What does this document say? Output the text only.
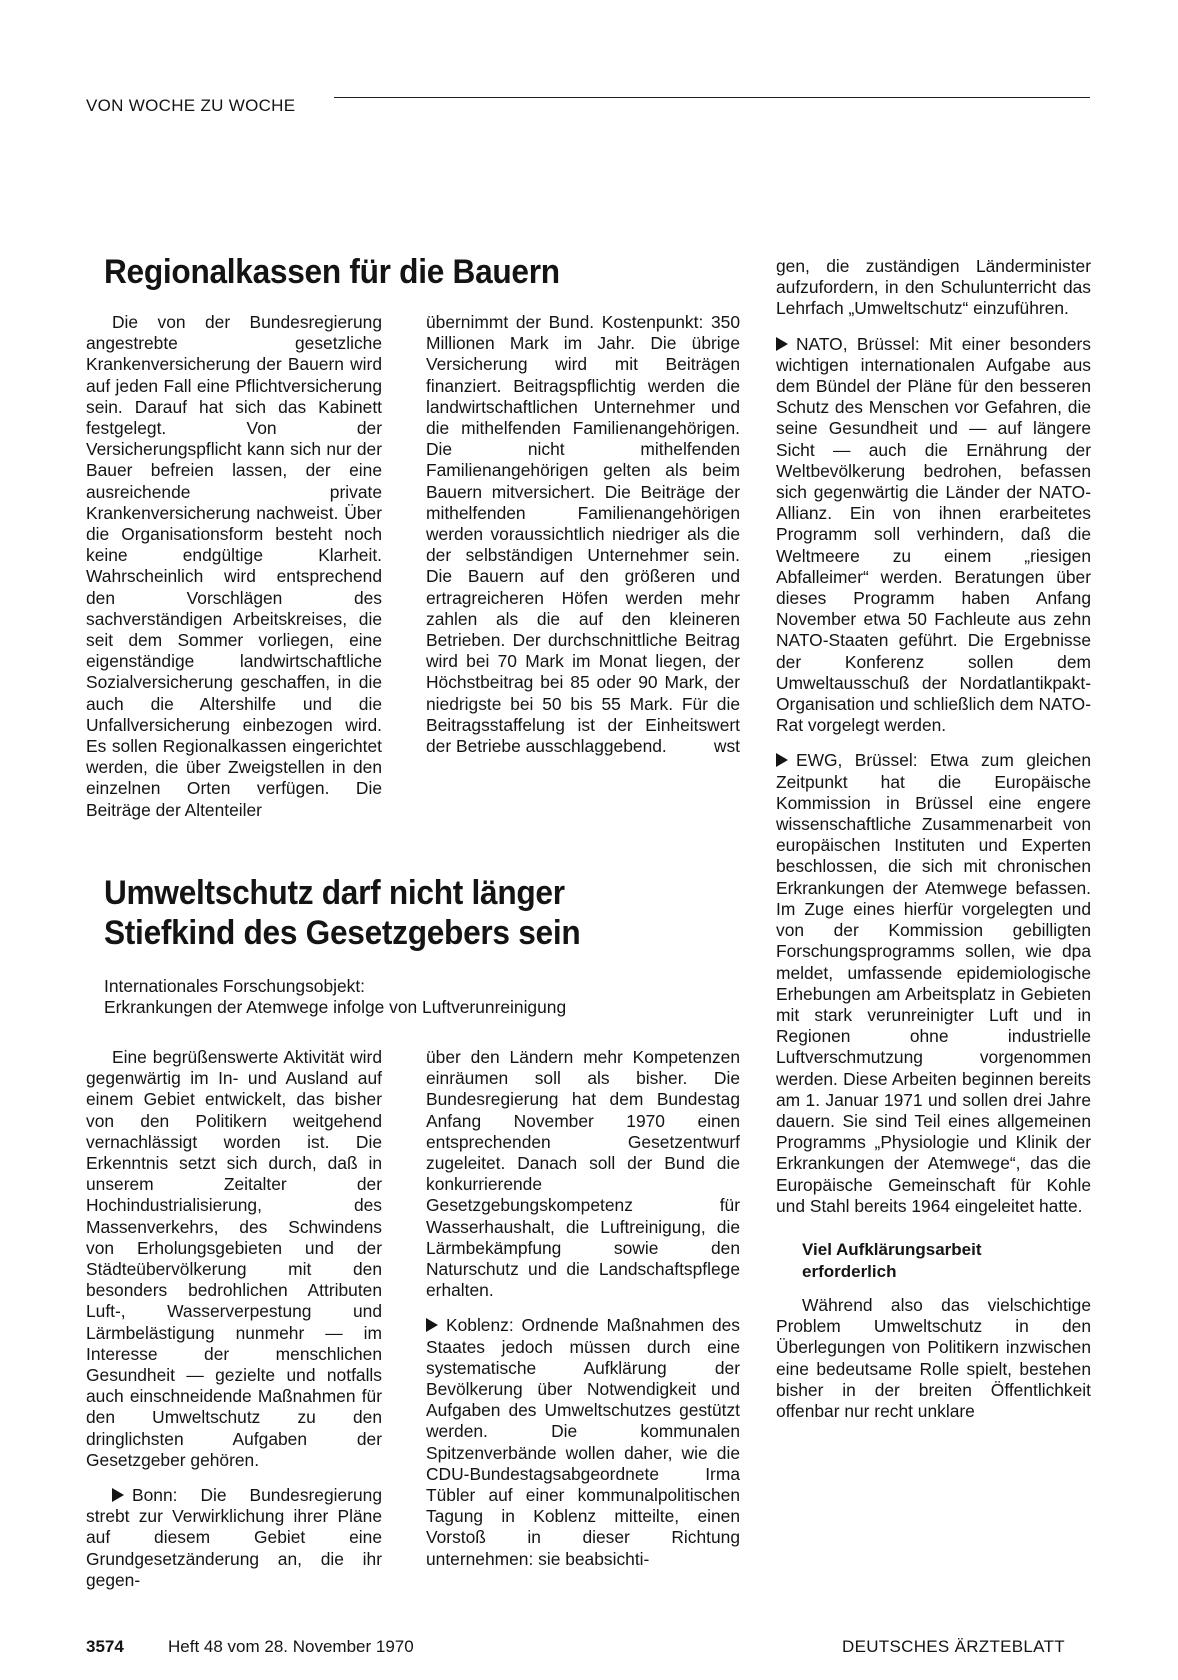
VON WOCHE ZU WOCHE
Regionalkassen für die Bauern

Die von der Bundesregierung angestrebte gesetzliche Krankenversicherung der Bauern wird auf jeden Fall eine Pflichtversicherung sein. Darauf hat sich das Kabinett festgelegt. Von der Versicherungspflicht kann sich nur der Bauer befreien lassen, der eine ausreichende private Krankenversicherung nachweist. Über die Organisationsform besteht noch keine endgültige Klarheit. Wahrscheinlich wird entsprechend den Vorschlägen des sachverständigen Arbeitskreises, die seit dem Sommer vorliegen, eine eigenständige landwirtschaftliche Sozialversicherung geschaffen, in die auch die Altershilfe und die Unfallversicherung einbezogen wird. Es sollen Regionalkassen eingerichtet werden, die über Zweigstellen in den einzelnen Orten verfügen. Die Beiträge der Altenteiler

übernimmt der Bund. Kostenpunkt: 350 Millionen Mark im Jahr. Die übrige Versicherung wird mit Beiträgen finanziert. Beitragspflichtig werden die landwirtschaftlichen Unternehmer und die mithelfenden Familienangehörigen. Die nicht mithelfenden Familienangehörigen gelten als beim Bauern mitversichert. Die Beiträge der mithelfenden Familienangehörigen werden voraussichtlich niedriger als die der selbständigen Unternehmer sein. Die Bauern auf den größeren und ertragreicheren Höfen werden mehr zahlen als die auf den kleineren Betrieben. Der durchschnittliche Beitrag wird bei 70 Mark im Monat liegen, der Höchstbeitrag bei 85 oder 90 Mark, der niedrigste bei 50 bis 55 Mark. Für die Beitragsstaffelung ist der Einheitswert der Betriebe ausschlaggebend.	wst

Umweltschutz darf nicht länger
Stiefkind des Gesetzgebers sein
Internationales Forschungsobjekt:
Erkrankungen der Atemwege infolge von Luftverunreinigung

Eine begrüßenswerte Aktivität wird gegenwärtig im In- und Ausland auf einem Gebiet entwickelt, das bisher von den Politikern weitgehend vernachlässigt worden ist. Die Erkenntnis setzt sich durch, daß in unserem Zeitalter der Hochindustrialisierung, des Massenverkehrs, des Schwindens von Erholungsgebieten und der Städteübervölkerung mit den besonders bedrohlichen Attributen Luft-, Wasserverpestung und Lärmbelästigung nunmehr — im Interesse der menschlichen Gesundheit — gezielte und notfalls auch einschneidende Maßnahmen für den Umweltschutz zu den dringlichsten Aufgaben der Gesetzgeber gehören.

Bonn: Die Bundesregierung strebt zur Verwirklichung ihrer Pläne auf diesem Gebiet eine Grundgesetzänderung an, die ihr gegen-

über den Ländern mehr Kompetenzen einräumen soll als bisher. Die Bundesregierung hat dem Bundestag Anfang November 1970 einen entsprechenden Gesetzentwurf zugeleitet. Danach soll der Bund die konkurrierende Gesetzgebungskompetenz für Wasserhaushalt, die Luftreinigung, die Lärmbekämpfung sowie den Naturschutz und die Landschaftspflege erhalten.

Koblenz: Ordnende Maßnahmen des Staates jedoch müssen durch eine systematische Aufklärung der Bevölkerung über Notwendigkeit und Aufgaben des Umweltschutzes gestützt werden. Die kommunalen Spitzenverbände wollen daher, wie die CDU-Bundestagsabgeordnete Irma Tübler auf einer kommunalpolitischen Tagung in Koblenz mitteilte, einen Vorstoß in dieser Richtung unternehmen: sie beabsichti-

gen, die zuständigen Länderminister aufzufordern, in den Schulunterricht das Lehrfach „Umweltschutz“ einzuführen.

NATO, Brüssel: Mit einer besonders wichtigen internationalen Aufgabe aus dem Bündel der Pläne für den besseren Schutz des Menschen vor Gefahren, die seine Gesundheit und — auf längere Sicht — auch die Ernährung der Weltbevölkerung bedrohen, befassen sich gegenwärtig die Länder der NATO-Allianz. Ein von ihnen erarbeitetes Programm soll verhindern, daß die Weltmeere zu einem „riesigen Abfalleimer“ werden. Beratungen über dieses Programm haben Anfang November etwa 50 Fachleute aus zehn NATO-Staaten geführt. Die Ergebnisse der Konferenz sollen dem Umweltausschuß der Nordatlantikpakt-Organisation und schließlich dem NATO-Rat vorgelegt werden.

EWG, Brüssel: Etwa zum gleichen Zeitpunkt hat die Europäische Kommission in Brüssel eine engere wissenschaftliche Zusammenarbeit von europäischen Instituten und Experten beschlossen, die sich mit chronischen Erkrankungen der Atemwege befassen. Im Zuge eines hierfür vorgelegten und von der Kommission gebilligten Forschungsprogramms sollen, wie dpa meldet, umfassende epidemiologische Erhebungen am Arbeitsplatz in Gebieten mit stark verunreinigter Luft und in Regionen ohne industrielle Luftverschmutzung vorgenommen werden. Diese Arbeiten beginnen bereits am 1. Januar 1971 und sollen drei Jahre dauern. Sie sind Teil eines allgemeinen Programms „Physiologie und Klinik der Erkrankungen der Atemwege“, das die Europäische Gemeinschaft für Kohle und Stahl bereits 1964 eingeleitet hatte.

Viel Aufklärungsarbeit
erforderlich

Während also das vielschichtige Problem Umweltschutz in den Überlegungen von Politikern inzwischen eine bedeutsame Rolle spielt, bestehen bisher in der breiten Öffentlichkeit offenbar nur recht unklare

3574	Heft 48 vom 28. November 1970	DEUTSCHES ÄRZTEBLATT
